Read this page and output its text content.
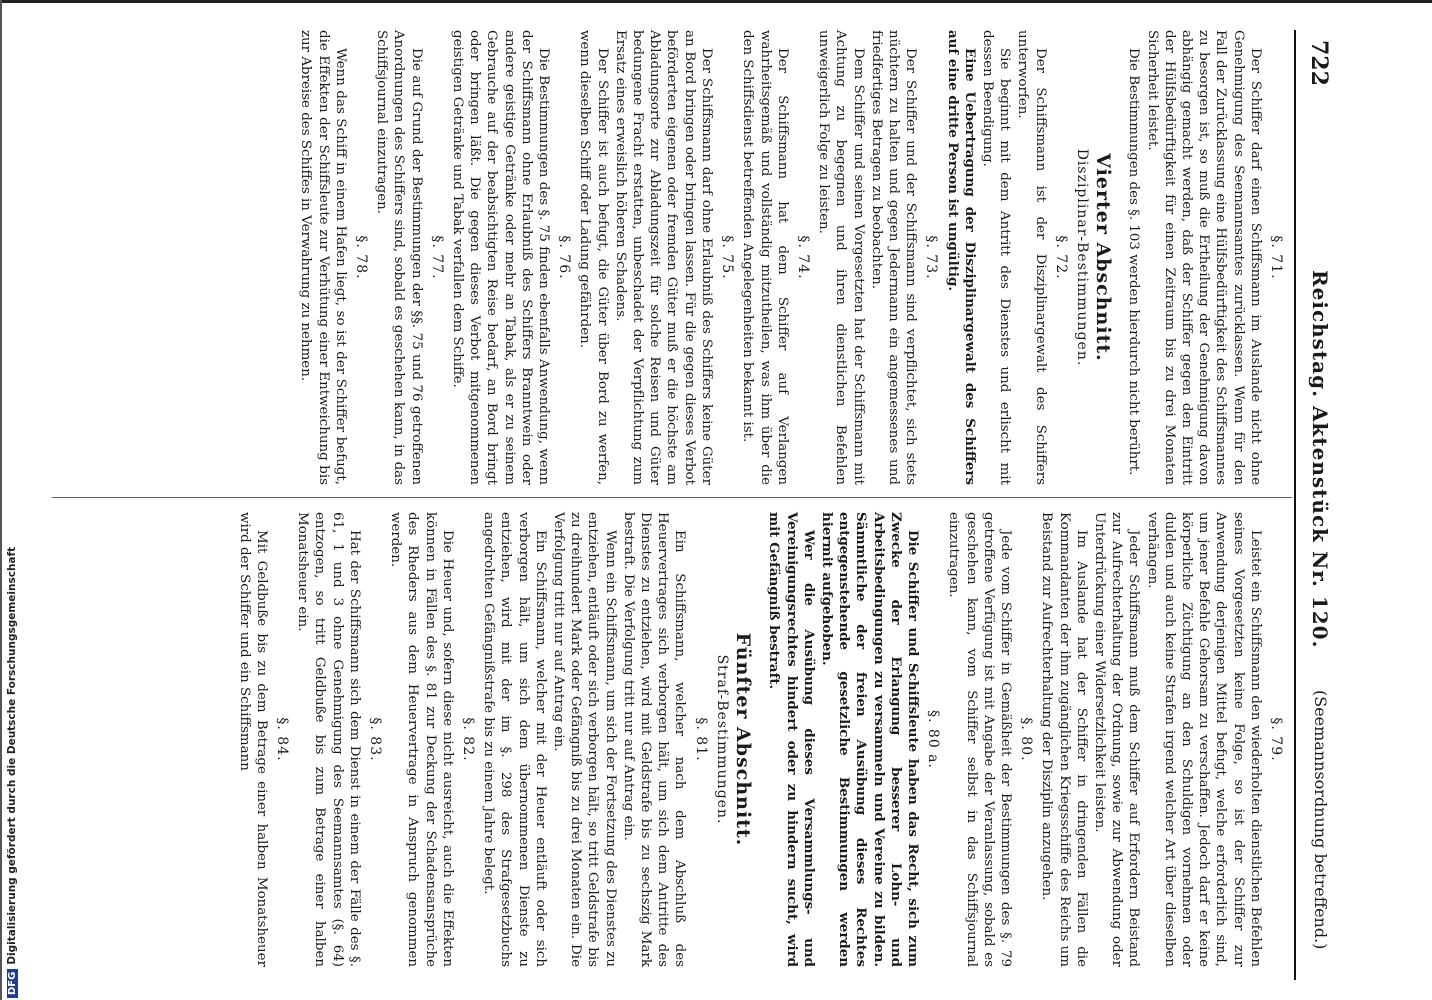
722
Reichstag. Aktenstück Nr. 120.
(Seemannsordnung betreffend.)
§. 71.

Der Schiffer darf einen Schiffsmann im Auslande nicht ohne Genehmigung des Seemannsamtes zurücklassen. Wenn für den Fall der Zurücklassung eine Hülfsbedürftigkeit des Schiffsmannes zu besorgen ist, so muß die Ertheilung der Genehmigung davon abhängig gemacht werden, daß der Schiffer gegen den Eintritt der Hülfsbedürftigkeit für einen Zeitraum bis zu drei Monaten Sicherheit leistet.

Die Bestimmungen des §. 103 werden hierdurch nicht berührt.

Vierter Abschnitt.
Disziplinar-Bestimmungen.
§. 72.

Der Schiffsmann ist der Disziplinargewalt des Schiffers unterworfen.

Sie beginnt mit dem Antritt des Dienstes und erlischt mit dessen Beendigung.

Eine Uebertragung der Disziplinargewalt des Schiffers auf eine dritte Person ist ungültig.

§. 73.

Der Schiffer und der Schiffsmann sind verpflichtet, sich stets nüchtern zu halten und gegen Jedermann ein angemessenes und friedfertiges Betragen zu beobachten.

Dem Schiffer und seinen Vorgesetzten hat der Schiffsmann mit Achtung zu begegnen und ihren dienstlichen Befehlen unweigerlich Folge zu leisten.

§. 74.

Der Schiffsmann hat dem Schiffer auf Verlangen wahrheitsgemäß und vollständig mitzutheilen, was ihm über die den Schiffsdienst betreffenden Angelegenheiten bekannt ist.

§. 75.

Der Schiffsmann darf ohne Erlaubniß des Schiffers keine Güter an Bord bringen oder bringen lassen. Für die gegen dieses Verbot beförderten eigenen oder fremden Güter muß er die höchste am Abladungsorte zur Abladungszeit für solche Reisen und Güter bedungene Fracht erstatten, unbeschadet der Verpflichtung zum Ersatz eines erweislich höheren Schadens.

Der Schiffer ist auch befugt, die Güter über Bord zu werfen, wenn dieselben Schiff oder Ladung gefährden.

§. 76.

Die Bestimmungen des §. 75 finden ebenfalls Anwendung, wenn der Schiffsmann ohne Erlaubniß des Schiffers Branntwein oder andere geistige Getränke oder mehr an Tabak, als er zu seinem Gebrauche auf der beabsichtigten Reise bedarf, an Bord bringt oder bringen läßt. Die gegen dieses Verbot mitgenommenen geistigen Getränke und Tabak verfallen dem Schiffe.

§. 77.

Die auf Grund der Bestimmungen der §§. 75 und 76 getroffenen Anordnungen des Schiffers sind, sobald es geschehen kann, in das Schiffsjournal einzutragen.

§. 78.

Wenn das Schiff in einem Hafen liegt, so ist der Schiffer befugt, die Effekten der Schiffsleute zur Verhütung einer Entweichung bis zur Abreise des Schiffes in Verwahrung zu nehmen.

§. 79.

Leistet ein Schiffsmann den wiederholten dienstlichen Befehlen seines Vorgesetzten keine Folge, so ist der Schiffer zur Anwendung derjenigen Mittel befugt, welche erforderlich sind, um jener Befehle Gehorsam zu verschaffen. Jedoch darf er keine körperliche Züchtigung an den Schuldigen vornehmen oder dulden und auch keine Strafen irgend welcher Art über dieselben verhängen.

Jeder Schiffsmann muß dem Schiffer auf Erfordern Beistand zur Aufrechterhaltung der Ordnung, sowie zur Abwendung oder Unterdrückung einer Widersetzlichkeit leisten.

Im Auslande hat der Schiffer in dringenden Fällen die Kommandanten der ihm zugänglichen Kriegsschiffe des Reichs um Beistand zur Aufrechterhaltung der Disziplin anzugehen.

§. 80.

Jede vom Schiffer in Gemäßheit der Bestimmungen des §. 79 getroffene Verfügung ist mit Angabe der Veranlassung, sobald es geschehen kann, vom Schiffer selbst in das Schiffsjournal einzutragen.

§. 80 a.

Die Schiffer und Schiffsleute haben das Recht, sich zum Zwecke der Erlangung besserer Lohn- und Arbeitsbedingungen zu versammeln und Vereine zu bilden. Sämmtliche der freien Ausübung dieses Rechtes entgegenstehende gesetzliche Bestimmungen werden hiermit aufgehoben.

Wer die Ausübung dieses Versammlungs- und Vereinigungsrechtes hindert oder zu hindern sucht, wird mit Gefängniß bestraft.

Fünfter Abschnitt.
Straf-Bestimmungen.
§. 81.

Ein Schiffsmann, welcher nach dem Abschluß des Heuervertrages sich verborgen hält, um sich dem Antritte des Dienstes zu entziehen, wird mit Geldstrafe bis zu sechszig Mark bestraft. Die Verfolgung tritt nur auf Antrag ein.

Wenn ein Schiffsmann, um sich der Fortsetzung des Dienstes zu entziehen, entläuft oder sich verborgen hält, so tritt Geldstrafe bis zu dreihundert Mark oder Gefängniß bis zu drei Monaten ein. Die Verfolgung tritt nur auf Antrag ein.

Ein Schiffsmann, welcher mit der Heuer entläuft oder sich verborgen hält, um sich dem übernommenen Dienste zu entziehen, wird mit der im §. 298 des Strafgesetzbuchs angedrohten Gefängnißstrafe bis zu einem Jahre belegt.

§. 82.

Die Heuer und, sofern diese nicht ausreicht, auch die Effekten können in Fällen des §. 81 zur Deckung der Schadensansprüche des Rheders aus dem Heuervertrage in Anspruch genommen werden.

§. 83.

Hat der Schiffsmann sich dem Dienst in einem der Fälle des §. 61, 1 und 3 ohne Genehmigung des Seemannsamtes (§. 64) entzogen, so tritt Geldbuße bis zum Betrage einer halben Monatsheuer ein.

§. 84.

Mit Geldbuße bis zu dem Betrage einer halben Monatsheuer wird der Schiffer und ein Schiffsmann

DFGDigitalisierung gefördert durch die Deutsche Forschungsgemeinschaft
